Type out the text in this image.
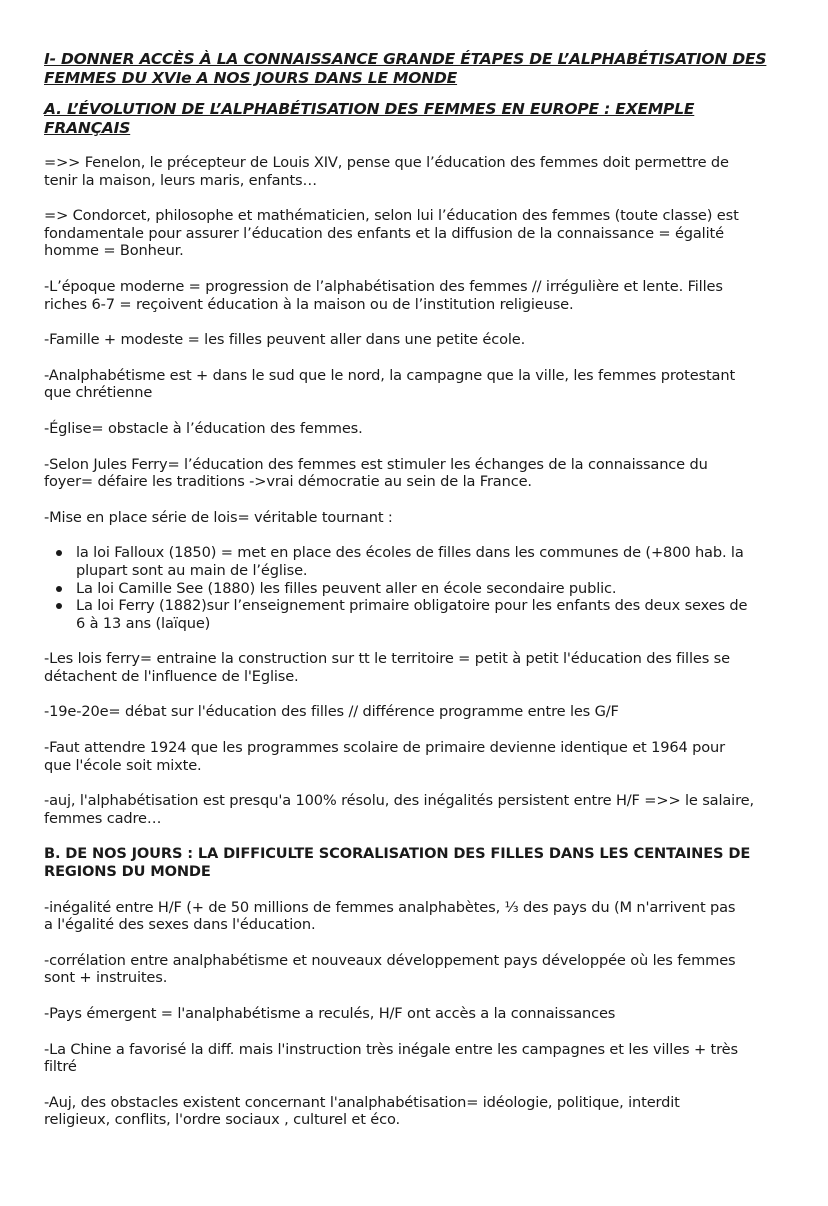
I- DONNER ACCÈS À LA CONNAISSANCE GRANDE ÉTAPES DE L’ALPHABÉTISATION DES
FEMMES DU XVIe A NOS JOURS DANS LE MONDE
A. L’ÉVOLUTION DE L’ALPHABÉTISATION DES FEMMES EN EUROPE : EXEMPLE FRANÇAIS

=>> Fenelon, le précepteur de Louis XIV, pense que l’éducation des femmes doit permettre de
tenir la maison, leurs maris, enfants…

=> Condorcet, philosophe et mathématicien, selon lui l’éducation des femmes (toute classe) est
fondamentale pour assurer l’éducation des enfants et la diffusion de la connaissance = égalité
homme = Bonheur.

-L’époque moderne = progression de l’alphabétisation des femmes // irrégulière et lente. Filles
riches 6-7 = reçoivent éducation à la maison ou de l’institution religieuse.

-Famille + modeste = les filles peuvent aller dans une petite école.

-Analphabétisme est + dans le sud que le nord, la campagne que la ville, les femmes protestant
que chrétienne

-Église= obstacle à l’éducation des femmes.

-Selon Jules Ferry= l’éducation des femmes est stimuler les échanges de la connaissance du
foyer= défaire les traditions ->vrai démocratie au sein de la France.

-Mise en place série de lois= véritable tournant :

la loi Falloux (1850) = met en place des écoles de filles dans les communes de (+800 hab. la
plupart sont au main de l’église.
La loi Camille See (1880) les filles peuvent aller en école secondaire public.
La loi Ferry (1882)sur l’enseignement primaire obligatoire pour les enfants des deux sexes de
6 à 13 ans (laïque)

-Les lois ferry= entraine la construction sur tt le territoire = petit à petit l'éducation des filles se
détachent de l'influence de l'Eglise.

-19e-20e= débat sur l'éducation des filles // différence programme entre les G/F

-Faut attendre 1924 que les programmes scolaire de primaire devienne identique et 1964 pour
que l'école soit mixte.

-auj, l'alphabétisation est presqu'a 100% résolu, des inégalités persistent entre H/F =>> le salaire,
femmes cadre…

B. DE NOS JOURS : LA DIFFICULTE SCORALISATION DES FILLES DANS LES CENTAINES DE
REGIONS DU MONDE

-inégalité entre H/F (+ de 50 millions de femmes analphabètes, ⅓ des pays du (M n'arrivent pas
a l'égalité des sexes dans l'éducation.

-corrélation entre analphabétisme et nouveaux développement pays développée où les femmes
sont + instruites.

-Pays émergent = l'analphabétisme a reculés, H/F ont accès a la connaissances

-La Chine a favorisé la diff. mais l'instruction très inégale entre les campagnes et les villes + très
filtré

-Auj, des obstacles existent concernant l'analphabétisation= idéologie, politique, interdit
religieux, conflits, l'ordre sociaux , culturel et éco.
